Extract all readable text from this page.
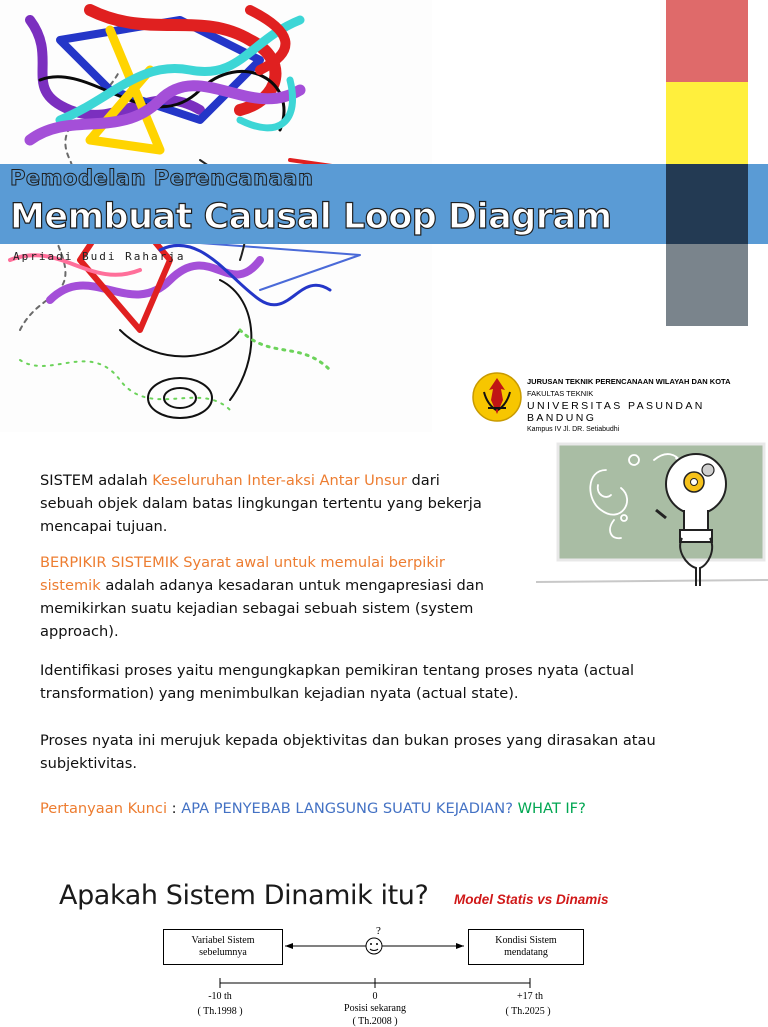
Pemodelan Perencanaan
Membuat Causal Loop Diagram
Apriadi Budi Raharja
JURUSAN TEKNIK PERENCANAAN WILAYAH DAN KOTA
FAKULTAS TEKNIK
UNIVERSITAS PASUNDAN BANDUNG
Kampus IV Jl. DR. Setiabudhi

SISTEM adalah Keseluruhan Inter-aksi Antar Unsur dari sebuah objek dalam batas lingkungan tertentu yang bekerja mencapai tujuan.

BERPIKIR SISTEMIK Syarat awal untuk memulai berpikir sistemik adalah adanya kesadaran untuk mengapresiasi dan memikirkan suatu kejadian sebagai sebuah sistem (system approach).

Identifikasi proses yaitu mengungkapkan pemikiran tentang proses nyata (actual transformation) yang menimbulkan kejadian nyata (actual state).

Proses nyata ini merujuk kepada objektivitas dan bukan proses yang dirasakan atau subjektivitas.

Pertanyaan Kunci : APA PENYEBAB LANGSUNG SUATU KEJADIAN? WHAT IF?

Apakah Sistem Dinamik itu? Model Statis vs Dinamis
Variabel Sistem
sebelumnya
Kondisi Sistem
mendatang
?
-10 th
( Th.1998 )
0
Posisi sekarang
( Th.2008 )
+17 th
( Th.2025 )
